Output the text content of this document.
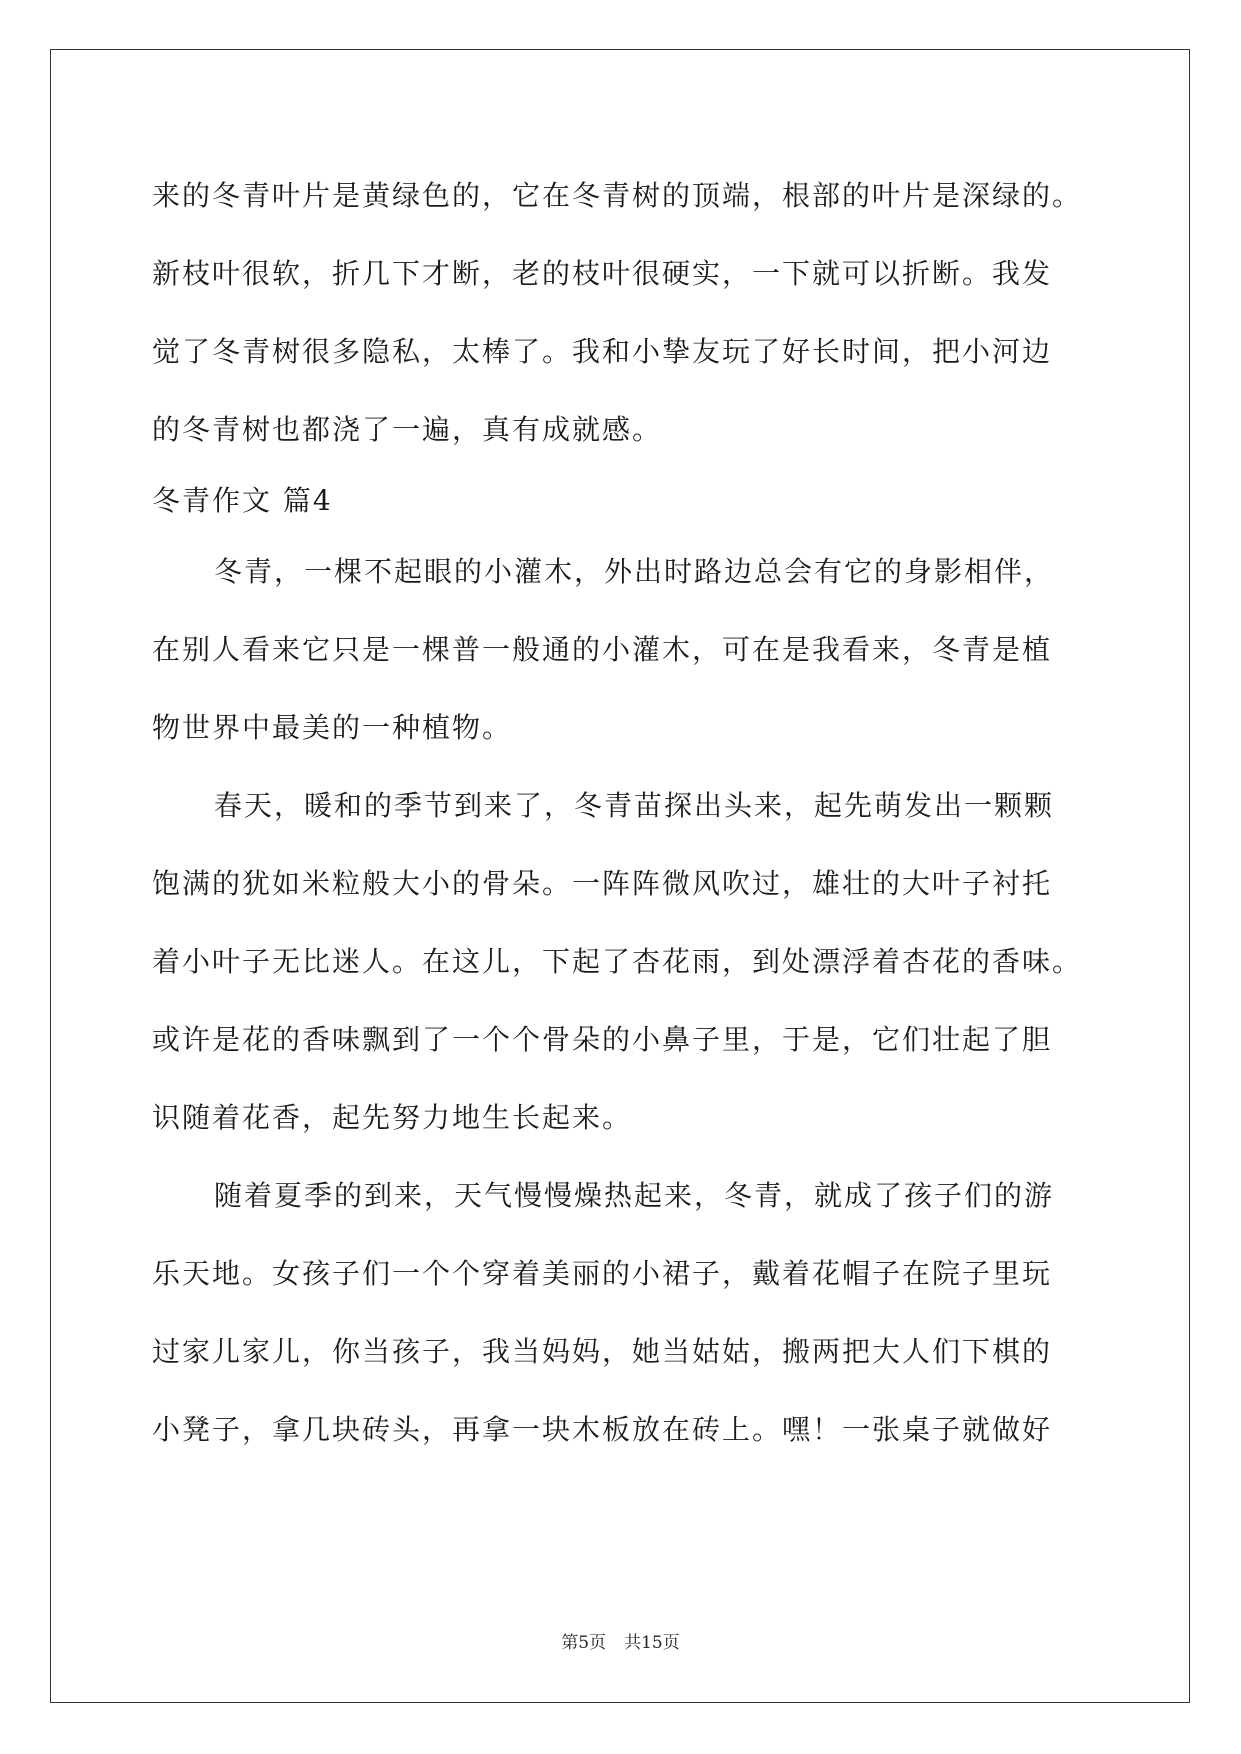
来的冬青叶片是黄绿色的，它在冬青树的顶端，根部的叶片是深绿的。
新枝叶很软，折几下才断，老的枝叶很硬实，一下就可以折断。我发
觉了冬青树很多隐私，太棒了。我和小挚友玩了好长时间，把小河边
的冬青树也都浇了一遍，真有成就感。
冬青作文 篇4
冬青，一棵不起眼的小灌木，外出时路边总会有它的身影相伴，
在别人看来它只是一棵普一般通的小灌木，可在是我看来，冬青是植
物世界中最美的一种植物。
春天，暖和的季节到来了，冬青苗探出头来，起先萌发出一颗颗
饱满的犹如米粒般大小的骨朵。一阵阵微风吹过，雄壮的大叶子衬托
着小叶子无比迷人。在这儿，下起了杏花雨，到处漂浮着杏花的香味。
或许是花的香味飘到了一个个骨朵的小鼻子里，于是，它们壮起了胆
识随着花香，起先努力地生长起来。
随着夏季的到来，天气慢慢燥热起来，冬青，就成了孩子们的游
乐天地。女孩子们一个个穿着美丽的小裙子，戴着花帽子在院子里玩
过家儿家儿，你当孩子，我当妈妈，她当姑姑，搬两把大人们下棋的
小凳子，拿几块砖头，再拿一块木板放在砖上。嘿！一张桌子就做好
第5页 共15页
